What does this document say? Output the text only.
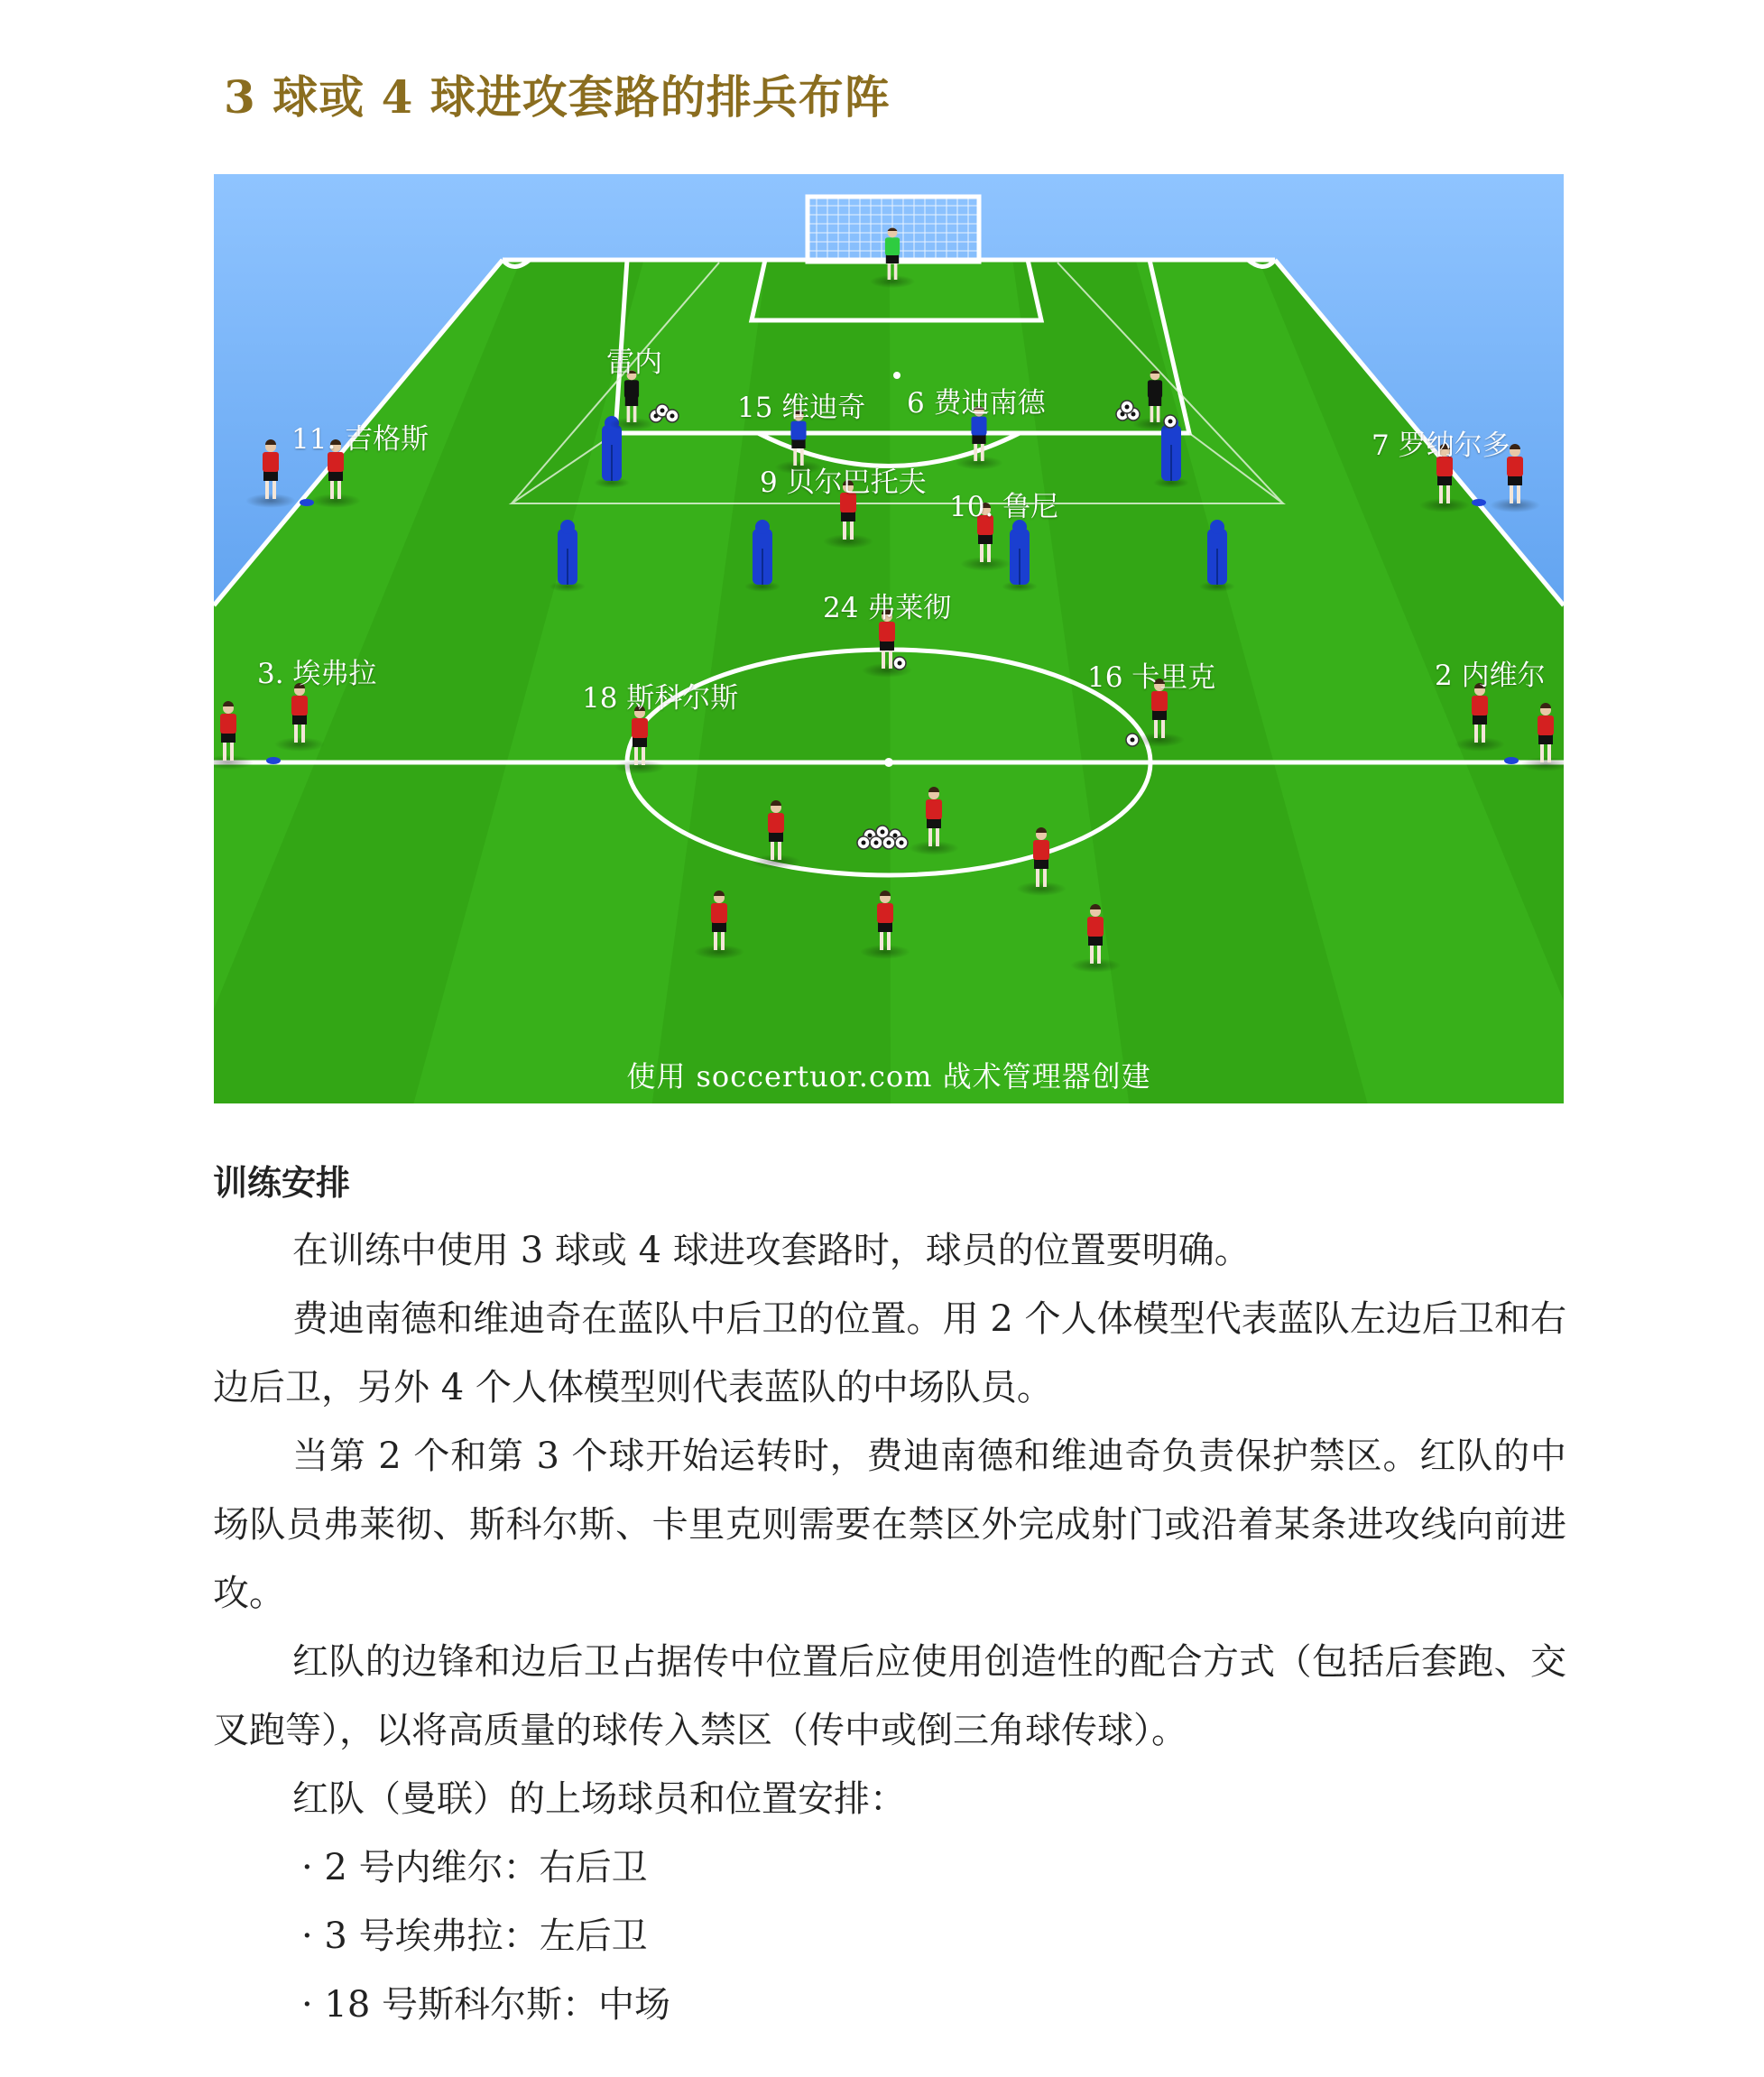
3 球或 4 球进攻套路的排兵布阵
雷内
15 维迪奇 6 费迪南德
11. 吉格斯	7 罗纳尔多
9 贝尔巴托夫
10. 鲁尼
24 弗莱彻
3. 埃弗拉
18 斯科尔斯
16 卡里克	2 内维尔
使用 soccertuor.com 战术管理器创建
训练安排

在训练中使用 3 球或 4 球进攻套路时，球员的位置要明确。

费迪南德和维迪奇在蓝队中后卫的位置。用 2 个人体模型代表蓝队左边后卫和右边后卫，另外 4 个人体模型则代表蓝队的中场队员。

当第 2 个和第 3 个球开始运转时，费迪南德和维迪奇负责保护禁区。红队的中场队员弗莱彻、斯科尔斯、卡里克则需要在禁区外完成射门或沿着某条进攻线向前进攻。

红队的边锋和边后卫占据传中位置后应使用创造性的配合方式（包括后套跑、交叉跑等），以将高质量的球传入禁区（传中或倒三角球传球）。

红队（曼联）的上场球员和位置安排：

· 2 号内维尔：右后卫

· 3 号埃弗拉：左后卫

· 18 号斯科尔斯：中场
